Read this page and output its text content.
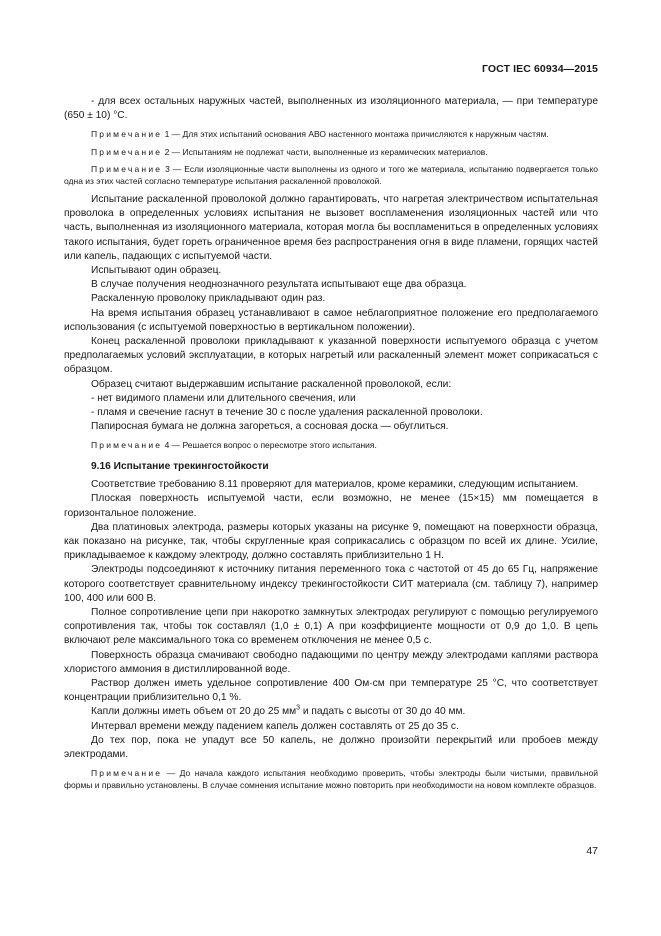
ГОСТ IEC 60934—2015

- для всех остальных наружных частей, выполненных из изоляционного материала, — при температуре (650 ± 10) °C.

Примечание 1 — Для этих испытаний основания АВО настенного монтажа причисляются к наружным частям.

Примечание 2 — Испытаниям не подлежат части, выполненные из керамических материалов.

Примечание 3 — Если изоляционные части выполнены из одного и того же материала, испытанию подвергается только одна из этих частей согласно температуре испытания раскаленной проволокой.

Испытание раскаленной проволокой должно гарантировать, что нагретая электричеством испытательная проволока в определенных условиях испытания не вызовет воспламенения изоляционных частей или что часть, выполненная из изоляционного материала, которая могла бы воспламениться в определенных условиях такого испытания, будет гореть ограниченное время без распространения огня в виде пламени, горящих частей или капель, падающих с испытуемой части.

Испытывают один образец.

В случае получения неоднозначного результата испытывают еще два образца.

Раскаленную проволоку прикладывают один раз.

На время испытания образец устанавливают в самое неблагоприятное положение его предполагаемого использования (с испытуемой поверхностью в вертикальном положении).

Конец раскаленной проволоки прикладывают к указанной поверхности испытуемого образца с учетом предполагаемых условий эксплуатации, в которых нагретый или раскаленный элемент может соприкасаться с образцом.

Образец считают выдержавшим испытание раскаленной проволокой, если:

- нет видимого пламени или длительного свечения, или

- пламя и свечение гаснут в течение 30 с после удаления раскаленной проволоки.

Папиросная бумага не должна загореться, а сосновая доска — обуглиться.

Примечание 4 — Решается вопрос о пересмотре этого испытания.

9.16 Испытание трекингостойкости

Соответствие требованию 8.11 проверяют для материалов, кроме керамики, следующим испытанием.

Плоская поверхность испытуемой части, если возможно, не менее (15×15) мм помещается в горизонтальное положение.

Два платиновых электрода, размеры которых указаны на рисунке 9, помещают на поверхности образца, как показано на рисунке, так, чтобы скругленные края соприкасались с образцом по всей их длине. Усилие, прикладываемое к каждому электроду, должно составлять приблизительно 1 Н.

Электроды подсоединяют к источнику питания переменного тока с частотой от 45 до 65 Гц, напряжение которого соответствует сравнительному индексу трекингостойкости СИТ материала (см. таблицу 7), например 100, 400 или 600 В.

Полное сопротивление цепи при накоротко замкнутых электродах регулируют с помощью регулируемого сопротивления так, чтобы ток составлял (1,0 ± 0,1) А при коэффициенте мощности от 0,9 до 1,0. В цепь включают реле максимального тока со временем отключения не менее 0,5 с.

Поверхность образца смачивают свободно падающими по центру между электродами каплями раствора хлористого аммония в дистиллированной воде.

Раствор должен иметь удельное сопротивление 400 Ом·см при температуре 25 °C, что соответствует концентрации приблизительно 0,1 %.

Капли должны иметь объем от 20 до 25 $мм^3$ и падать с высоты от 30 до 40 мм.

Интервал времени между падением капель должен составлять от 25 до 35 с.

До тех пор, пока не упадут все 50 капель, не должно произойти перекрытий или пробоев между электродами.

Примечание — До начала каждого испытания необходимо проверить, чтобы электроды были чистыми, правильной формы и правильно установлены. В случае сомнения испытание можно повторить при необходимости на новом комплекте образцов.

47
